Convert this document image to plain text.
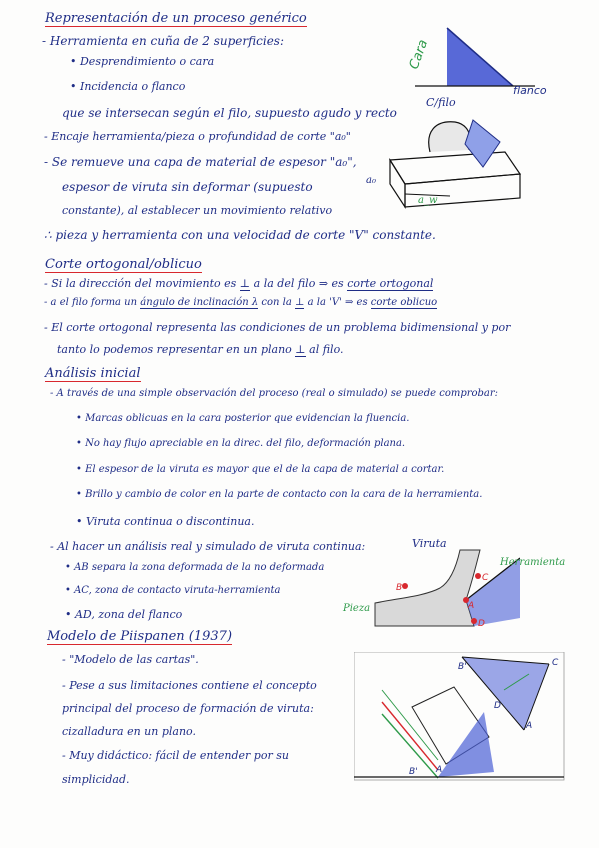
Representación de un proceso genérico
- Herramienta en cuña de 2 superficies:
• Desprendimiento o cara
• Incidencia o flanco
que se intersecan según el filo, supuesto agudo y recto
- Encaje herramienta/pieza o profundidad de corte "a₀"
- Se remueve una capa de material de espesor "a₀",
espesor de viruta sin deformar (supuesto
constante), al establecer un movimiento relativo
∴ pieza y herramienta con una velocidad de corte "V" constante.
Cara
flanco
C/filo
a₀
a_w
Corte ortogonal/oblicuo
- Si la dirección del movimiento es ⊥ a la del filo ⇒ es corte ortogonal
- a el filo forma un ángulo de inclinación λ con la ⊥ a la 'V' ⇒ es corte oblicuo
- El corte ortogonal representa las condiciones de un problema bidimensional y por
tanto lo podemos representar en un plano ⊥ al filo.
Análisis inicial
- A través de una simple observación del proceso (real o simulado) se puede comprobar:
• Marcas oblicuas en la cara posterior que evidencian la fluencia.
• No hay flujo apreciable en la direc. del filo, deformación plana.
• El espesor de la viruta es mayor que el de la capa de material a cortar.
• Brillo y cambio de color en la parte de contacto con la cara de la herramienta.
• Viruta continua o discontinua.
- Al hacer un análisis real y simulado de viruta continua:
• AB separa la zona deformada de la no deformada
• AC, zona de contacto viruta-herramienta
• AD, zona del flanco
B
A
C
D
Viruta
Herramienta
Pieza
Modelo de Piispanen (1937)
- "Modelo de las cartas".
- Pese a sus limitaciones contiene el concepto
principal del proceso de formación de viruta:
cizalladura en un plano.
- Muy didáctico: fácil de entender por su
simplicidad.
B'	C
D
A
B' A
